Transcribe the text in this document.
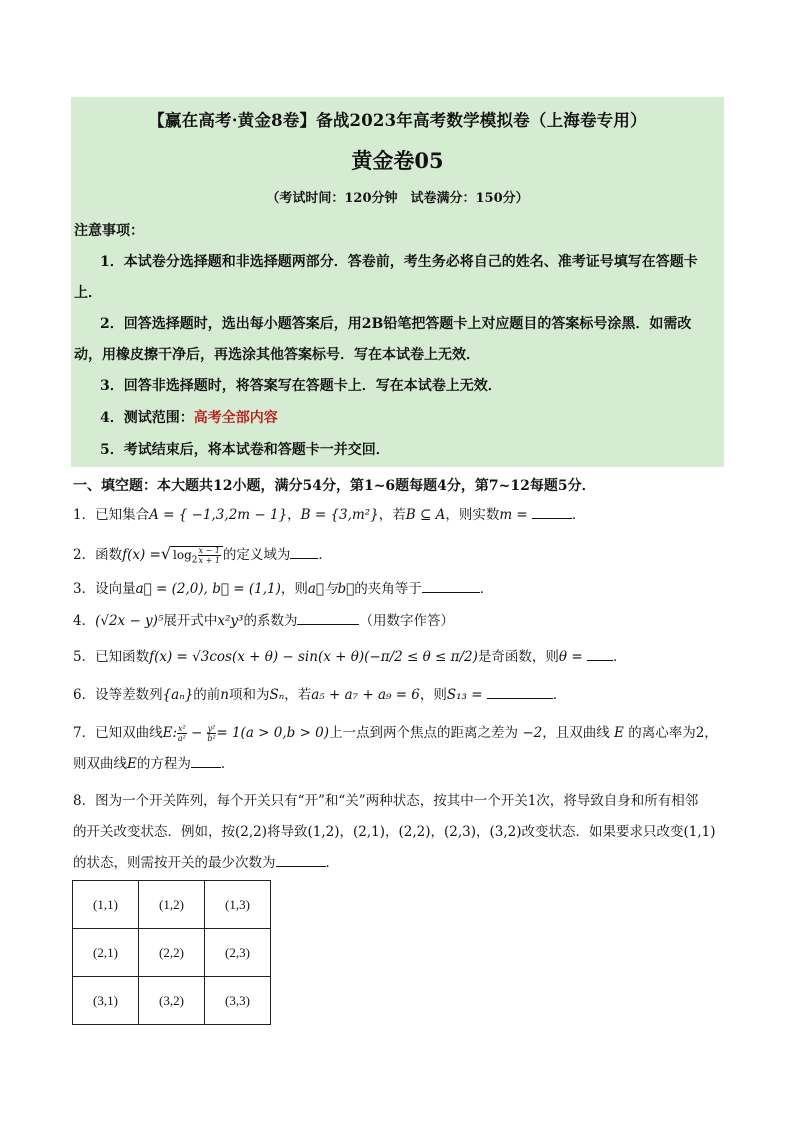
【赢在高考·黄金8卷】备战2023年高考数学模拟卷（上海卷专用）
黄金卷05
（考试时间：120分钟　试卷满分：150分）
注意事项：
1．本试卷分选择题和非选择题两部分．答卷前，考生务必将自己的姓名、准考证号填写在答题卡上．
2．回答选择题时，选出每小题答案后，用2B铅笔把答题卡上对应题目的答案标号涂黑．如需改动，用橡皮擦干净后，再选涂其他答案标号．写在本试卷上无效．
3．回答非选择题时，将答案写在答题卡上．写在本试卷上无效．
4．测试范围：高考全部内容
5．考试结束后，将本试卷和答题卡一并交回．
一、填空题：本大题共12小题，满分54分，第1~6题每题4分，第7~12每题5分．
1．已知集合A = { −1,3,2m − 1}，B = {3,m²}，若B ⊆ A，则实数m =	．
2．函数f(x) =√ $\log_2 \frac{x - 1}{x + 1}$ 的定义域为 ．
3．设向量a⃗ = (2,0), b⃗ = (1,1)，则a⃗与b⃗的夹角等于	．
4．(√2x − y)⁵展开式中x²y³的系数为	（用数字作答）
5．已知函数f(x) = √3cos(x + θ) − sin(x + θ)(−π/2 ≤ θ ≤ π/2)是奇函数，则θ = ．
6．设等差数列{aₙ}的前n项和为Sₙ，若a₅ + a₇ + a₉ = 6，则S₁₃ =	．
7．已知双曲线E: $\frac{\text{x²}}{\text{a²}} - \frac{\text{y²}}{\text{b²}} = 1(a > 0,b > 0)$上一点到两个焦点的距离之差为 −2，且双曲线 E 的离心率为2，
则双曲线E的方程为 ．
8．图为一个开关阵列，每个开关只有“开”和“关”两种状态，按其中一个开关1次，将导致自身和所有相邻
的开关改变状态．例如，按(2,2)将导致(1,2)，(2,1)，(2,2)，(2,3)，(3,2)改变状态．如果要求只改变(1,1)
的状态，则需按开关的最少次数为	．
(1,1)	(1,2)	(1,3)
(2,1)	(2,2)	(2,3)
(3,1)	(3,2)	(3,3)
